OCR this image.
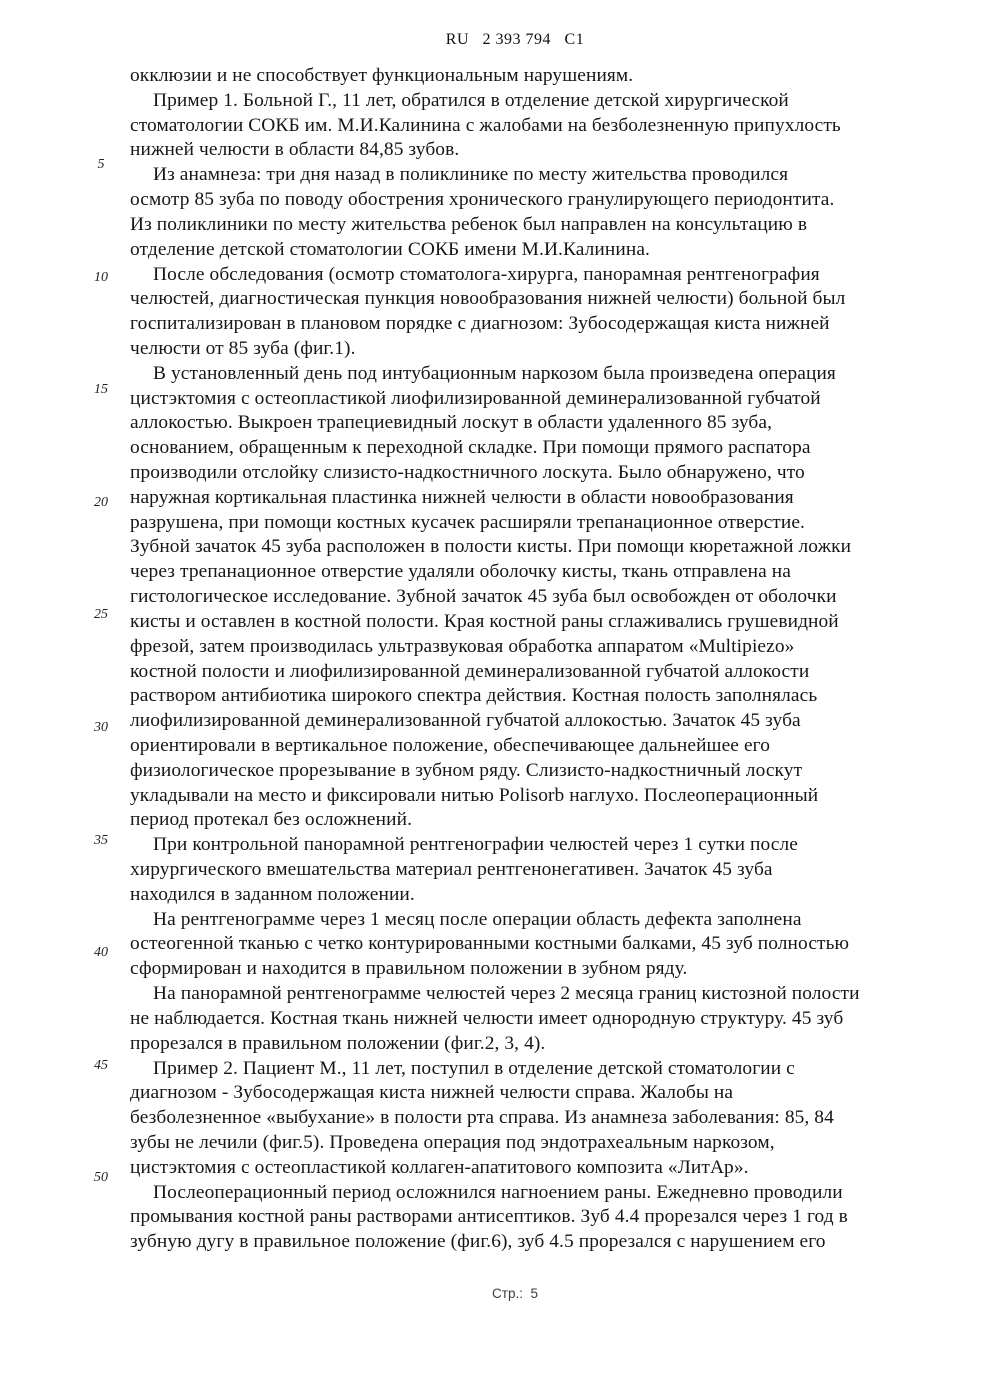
RU   2 393 794   C1
5
10
15
20
25
30
35
40
45
50
окклюзии и не способствует функциональным нарушениям.
Пример 1. Больной Г., 11 лет, обратился в отделение детской хирургической
стоматологии СОКБ им. М.И.Калинина с жалобами на безболезненную припухлость
нижней челюсти в области 84,85 зубов.
Из анамнеза: три дня назад в поликлинике по месту жительства проводился
осмотр 85 зуба по поводу обострения хронического гранулирующего периодонтита.
Из поликлиники по месту жительства ребенок был направлен на консультацию в
отделение детской стоматологии СОКБ имени М.И.Калинина.
После обследования (осмотр стоматолога-хирурга, панорамная рентгенография
челюстей, диагностическая пункция новообразования нижней челюсти) больной был
госпитализирован в плановом порядке с диагнозом: Зубосодержащая киста нижней
челюсти от 85 зуба (фиг.1).
В установленный день под интубационным наркозом была произведена операция
цистэктомия с остеопластикой лиофилизированной деминерализованной губчатой
аллокостью. Выкроен трапециевидный лоскут в области удаленного 85 зуба,
основанием, обращенным к переходной складке. При помощи прямого распатора
производили отслойку слизисто-надкостничного лоскута. Было обнаружено, что
наружная кортикальная пластинка нижней челюсти в области новообразования
разрушена, при помощи костных кусачек расширяли трепанационное отверстие.
Зубной зачаток 45 зуба расположен в полости кисты. При помощи кюретажной ложки
через трепанационное отверстие удаляли оболочку кисты, ткань отправлена на
гистологическое исследование. Зубной зачаток 45 зуба был освобожден от оболочки
кисты и оставлен в костной полости. Края костной раны сглаживались грушевидной
фрезой, затем производилась ультразвуковая обработка аппаратом «Multipiezo»
костной полости и лиофилизированной деминерализованной губчатой аллокости
раствором антибиотика широкого спектра действия. Костная полость заполнялась
лиофилизированной деминерализованной губчатой аллокостью. Зачаток 45 зуба
ориентировали в вертикальное положение, обеспечивающее дальнейшее его
физиологическое прорезывание в зубном ряду. Слизисто-надкостничный лоскут
укладывали на место и фиксировали нитью Polisorb наглухо. Послеоперационный
период протекал без осложнений.
При контрольной панорамной рентгенографии челюстей через 1 сутки после
хирургического вмешательства материал рентгенонегативен. Зачаток 45 зуба
находился в заданном положении.
На рентгенограмме через 1 месяц после операции область дефекта заполнена
остеогенной тканью с четко контурированными костными балками, 45 зуб полностью
сформирован и находится в правильном положении в зубном ряду.
На панорамной рентгенограмме челюстей через 2 месяца границ кистозной полости
не наблюдается. Костная ткань нижней челюсти имеет однородную структуру. 45 зуб
прорезался в правильном положении (фиг.2, 3, 4).
Пример 2. Пациент М., 11 лет, поступил в отделение детской стоматологии с
диагнозом - Зубосодержащая киста нижней челюсти справа. Жалобы на
безболезненное «выбухание» в полости рта справа. Из анамнеза заболевания: 85, 84
зубы не лечили (фиг.5). Проведена операция под эндотрахеальным наркозом,
цистэктомия с остеопластикой коллаген-апатитового композита «ЛитАр».
Послеоперационный период осложнился нагноением раны. Ежедневно проводили
промывания костной раны растворами антисептиков. Зуб 4.4 прорезался через 1 год в
зубную дугу в правильное положение (фиг.6), зуб 4.5 прорезался с нарушением его
Стр.:  5
